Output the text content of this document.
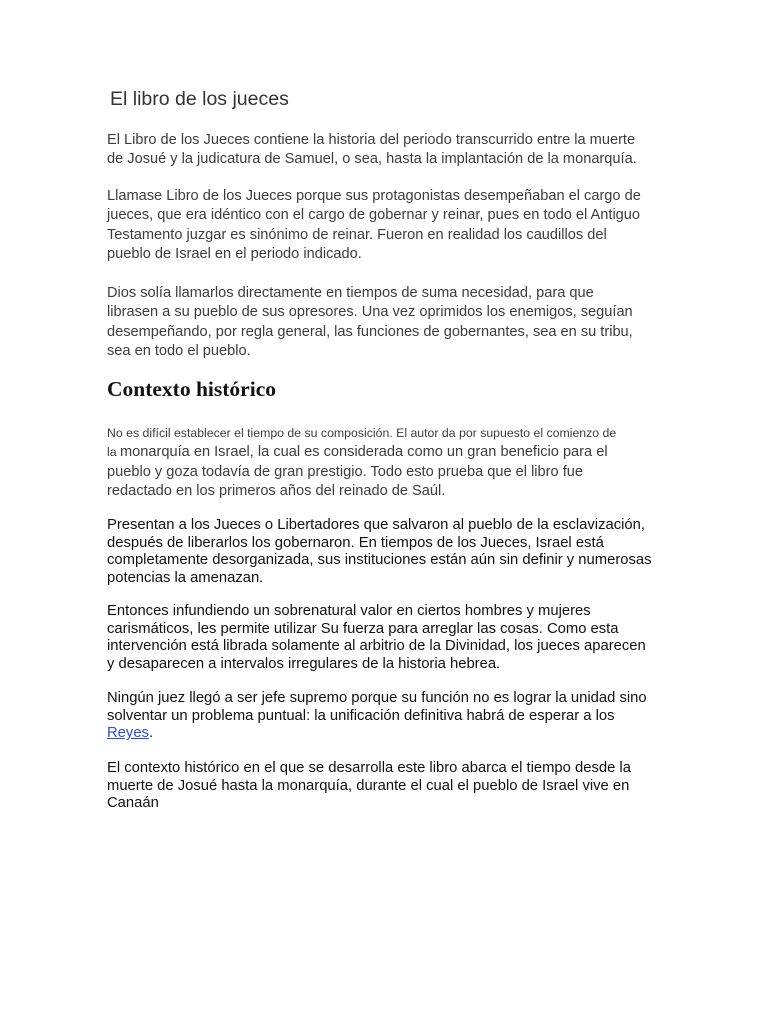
El libro de los jueces

El Libro de los Jueces contiene la historia del periodo transcurrido entre la muerte
de Josué y la judicatura de Samuel, o sea, hasta la implantación de la monarquía.

Llamase Libro de los Jueces porque sus protagonistas desempeñaban el cargo de
jueces, que era idéntico con el cargo de gobernar y reinar, pues en todo el Antiguo
Testamento juzgar es sinónimo de reinar. Fueron en realidad los caudillos del
pueblo de Israel en el periodo indicado.

Dios solía llamarlos directamente en tiempos de suma necesidad, para que
librasen a su pueblo de sus opresores. Una vez oprimidos los enemigos, seguían
desempeñando, por regla general, las funciones de gobernantes, sea en su tribu,
sea en todo el pueblo.

Contexto histórico

No es difícil establecer el tiempo de su composición. El autor da por supuesto el comienzo de
la monarquía en Israel, la cual es considerada como un gran beneficio para el
pueblo y goza todavía de gran prestigio. Todo esto prueba que el libro fue
redactado en los primeros años del reinado de Saúl.

Presentan a los Jueces o Libertadores que salvaron al pueblo de la esclavización,
después de liberarlos los gobernaron. En tiempos de los Jueces, Israel está
completamente desorganizada, sus instituciones están aún sin definir y numerosas
potencias la amenazan.

Entonces infundiendo un sobrenatural valor en ciertos hombres y mujeres
carismáticos, les permite utilizar Su fuerza para arreglar las cosas. Como esta
intervención está librada solamente al arbitrio de la Divinidad, los jueces aparecen
y desaparecen a intervalos irregulares de la historia hebrea.

Ningún juez llegó a ser jefe supremo porque su función no es lograr la unidad sino
solventar un problema puntual: la unificación definitiva habrá de esperar a los
Reyes.

El contexto histórico en el que se desarrolla este libro abarca el tiempo desde la
muerte de Josué hasta la monarquía, durante el cual el pueblo de Israel vive en
Canaán
